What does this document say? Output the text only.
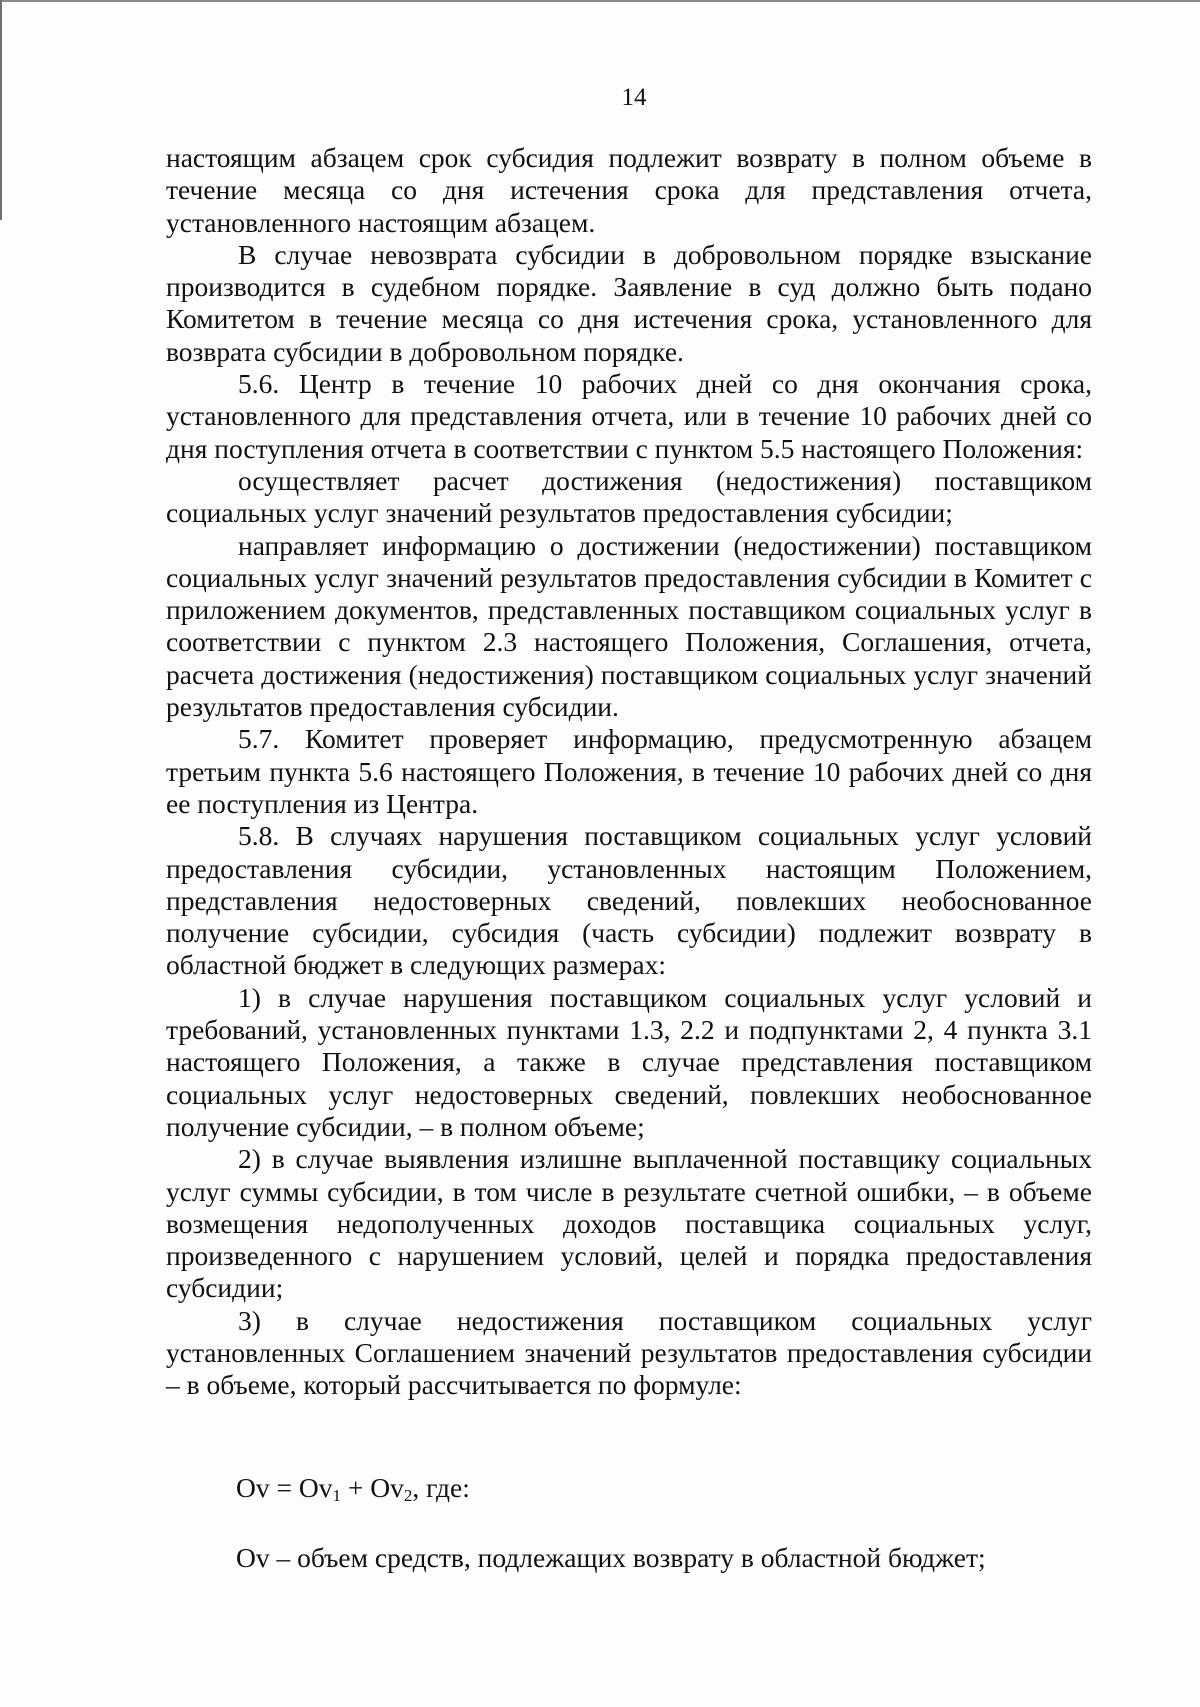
14

настоящим абзацем срок субсидия подлежит возврату в полном объеме в течение месяца со дня истечения срока для представления отчета, установленного настоящим абзацем.

В случае невозврата субсидии в добровольном порядке взыскание производится в судебном порядке. Заявление в суд должно быть подано Комитетом в течение месяца со дня истечения срока, установленного для возврата субсидии в добровольном порядке.

5.6. Центр в течение 10 рабочих дней со дня окончания срока, установленного для представления отчета, или в течение 10 рабочих дней со дня поступления отчета в соответствии с пунктом 5.5 настоящего Положения:

осуществляет расчет достижения (недостижения) поставщиком социальных услуг значений результатов предоставления субсидии;

направляет информацию о достижении (недостижении) поставщиком социальных услуг значений результатов предоставления субсидии в Комитет с приложением документов, представленных поставщиком социальных услуг в соответствии с пунктом 2.3 настоящего Положения, Соглашения, отчета, расчета достижения (недостижения) поставщиком социальных услуг значений результатов предоставления субсидии.

5.7. Комитет проверяет информацию, предусмотренную абзацем третьим пункта 5.6 настоящего Положения, в течение 10 рабочих дней со дня ее поступления из Центра.

5.8. В случаях нарушения поставщиком социальных услуг условий предоставления субсидии, установленных настоящим Положением, представления недостоверных сведений, повлекших необоснованное получение субсидии, субсидия (часть субсидии) подлежит возврату в областной бюджет в следующих размерах:

1) в случае нарушения поставщиком социальных услуг условий и требований, установленных пунктами 1.3, 2.2 и подпунктами 2, 4 пункта 3.1 настоящего Положения, а также в случае представления поставщиком социальных услуг недостоверных сведений, повлекших необоснованное получение субсидии, – в полном объеме;

2) в случае выявления излишне выплаченной поставщику социальных услуг суммы субсидии, в том числе в результате счетной ошибки, – в объеме возмещения недополученных доходов поставщика социальных услуг, произведенного с нарушением условий, целей и порядка предоставления субсидии;

3) в случае недостижения поставщиком социальных услуг установленных Соглашением значений результатов предоставления субсидии – в объеме, который рассчитывается по формуле:

$Ov = Ov_1 + Ov_2$, где:
Ov – объем средств, подлежащих возврату в областной бюджет;
